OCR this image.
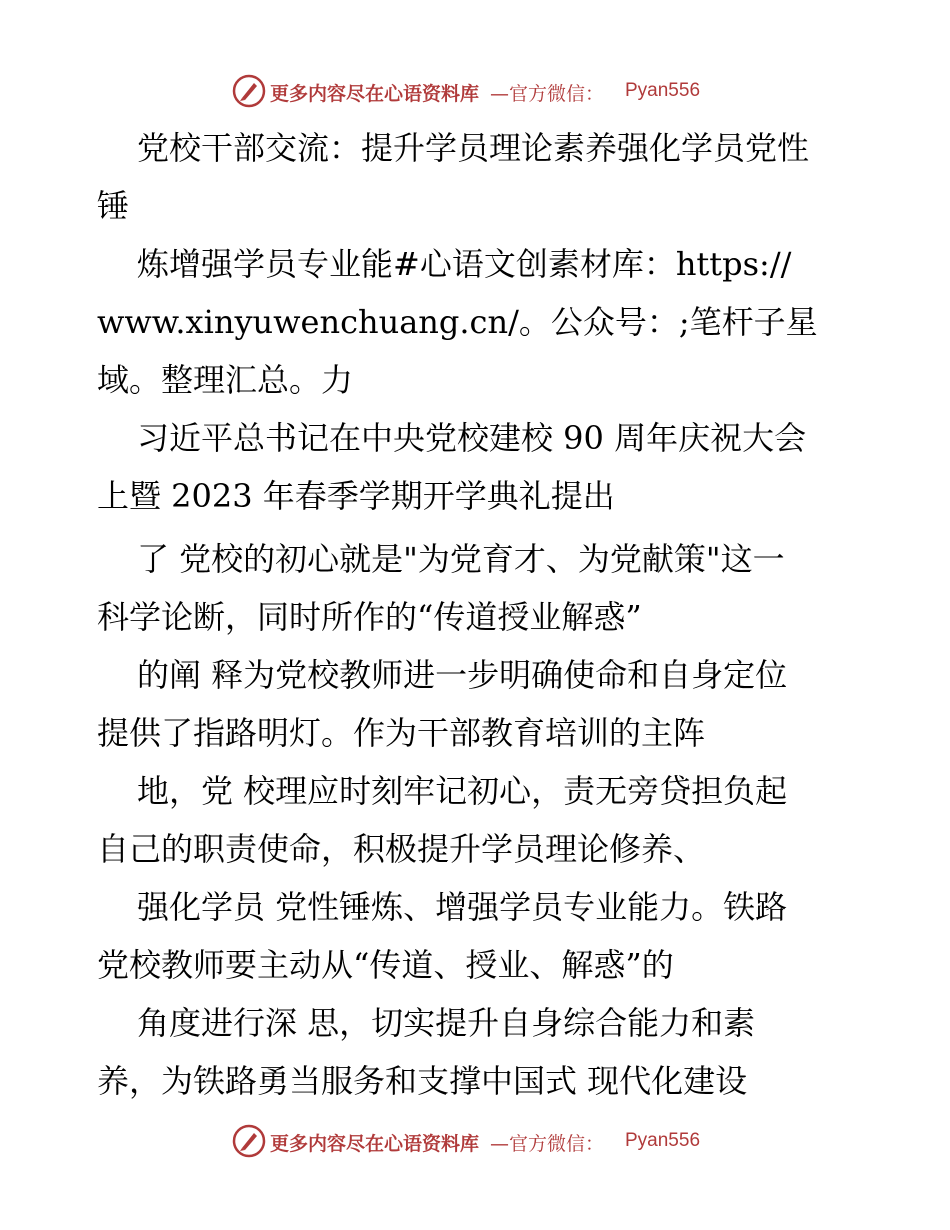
更多内容尽在心语资料库 —官方微信： Pyan556

党校干部交流：提升学员理论素养强化学员党性

锤

炼增强学员专业能#心语文创素材库：https://

www.xinyuwenchuang.cn/。公众号：;笔杆子星

域。整理汇总。力

习近平总书记在中央党校建校 90 周年庆祝大会

上暨 2023 年春季学期开学典礼提出

了 党校的初心就是"为党育才、为党献策"这一

科学论断，同时所作的“传道授业解惑”

的阐 释为党校教师进一步明确使命和自身定位

提供了指路明灯。作为干部教育培训的主阵

地，党 校理应时刻牢记初心，责无旁贷担负起

自己的职责使命，积极提升学员理论修养、

强化学员 党性锤炼、增强学员专业能力。铁路

党校教师要主动从“传道、授业、解惑”的

角度进行深 思，切实提升自身综合能力和素

养，为铁路勇当服务和支撑中国式 现代化建设

更多内容尽在心语资料库 —官方微信： Pyan556
